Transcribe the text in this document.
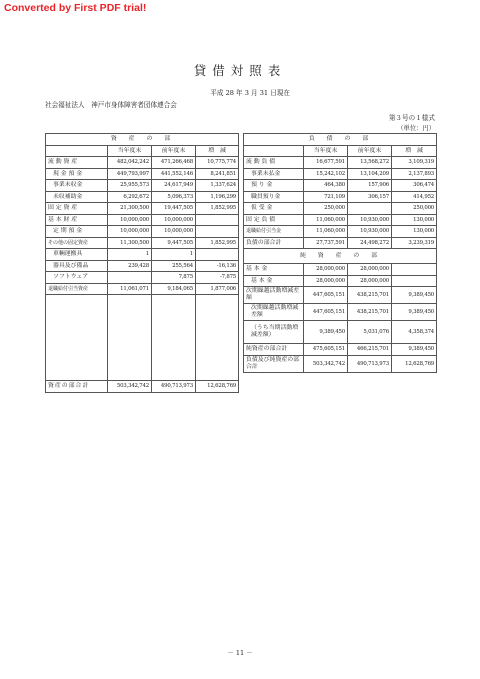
Converted by First PDF trial!
貸借対照表
平成 28 年 3 月 31 日現在
社会福祉法人　神戸市身体障害者団体連合会
第３号の１様式
（単位：円）
資　産　の　部			
	当年度末	前年度末	増　減
流 動 資 産	482,042,242	471,266,468	10,775,774
現 金 預 金	449,793,997	441,552,146	8,241,851
事業未収金	25,955,573	24,617,949	1,337,624
未収補助金	6,292,672	5,096,373	1,196,299
固 定 資 産	21,300,500	19,447,505	1,852,995
基 本 財 産	10,000,000	10,000,000	
定 期 預 金	10,000,000	10,000,000	
その他の固定資産	11,300,500	9,447,505	1,852,995
車輌運搬具	1	1	
器具及び備品	239,428	255,564	-16,136
ソフトウェア		7,875	-7,875
退職給付引当資産	11,061,071	9,184,065	1,877,006

資産の部合計	503,342,742	490,713,973	12,628,769
負　債　の　部			
	当年度末	前年度末	増　減
流 動 負 債	16,677,591	13,568,272	3,109,319
事業未払金	15,242,102	13,104,209	2,137,893
預 り 金	464,380	157,906	306,474
職員預り金	721,109	306,157	414,952
仮 受 金	250,000		250,000
固 定 負 債	11,060,000	10,930,000	130,000
退職給付引当金	11,060,000	10,930,000	130,000
負債の部合計	27,737,591	24,498,272	3,239,319
純　資　産　の　部			
基 本 金	28,000,000	28,000,000	
基 本 金	28,000,000	28,000,000	
次期繰越活動増減差額	447,605,151	438,215,701	9,389,450
次期繰越活動増減差額	447,605,151	438,215,701	9,389,450
（うち当期活動増減差額）	9,389,450	5,031,076	4,358,374
純資産の部合計	475,605,151	466,215,701	9,389,450
負債及び純資産の部合計	503,342,742	490,713,973	12,628,769
－ 11 －
